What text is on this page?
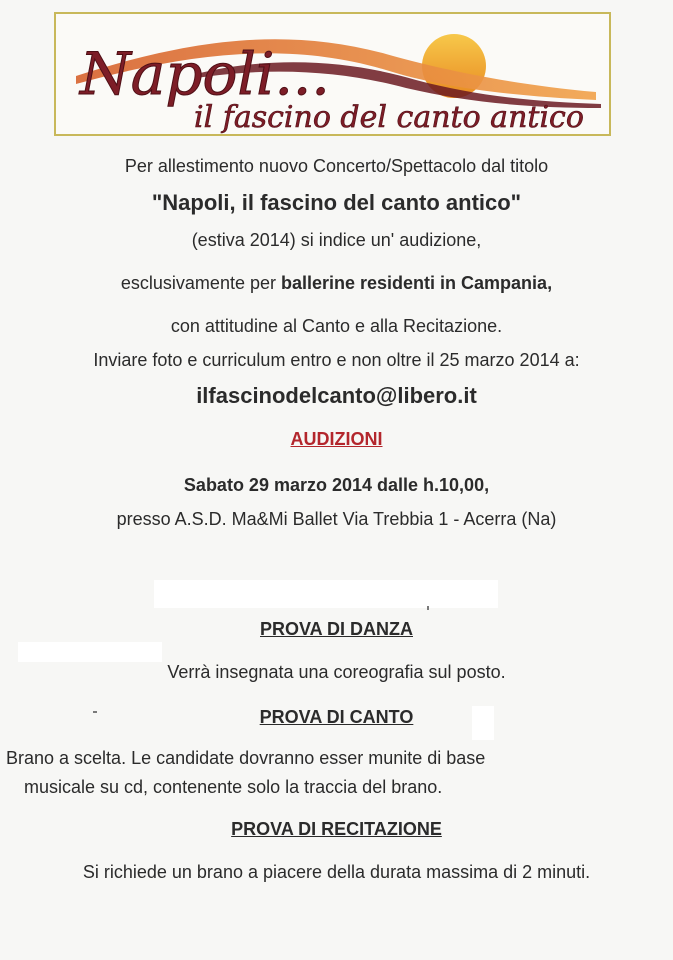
Napoli...
il fascino del canto antico
Per allestimento nuovo Concerto/Spettacolo dal titolo
"Napoli, il fascino del canto antico"
(estiva 2014) si indice un' audizione,
esclusivamente per ballerine residenti in Campania,
con attitudine al Canto e alla Recitazione.
Inviare foto e curriculum entro e non oltre il 25 marzo 2014 a:
ilfascinodelcanto@libero.it
AUDIZIONI
Sabato 29 marzo 2014 dalle h.10,00,
presso A.S.D. Ma&Mi Ballet Via Trebbia 1 - Acerra (Na)
PROVA DI DANZA
Verrà insegnata una coreografia sul posto.
PROVA DI CANTO
Brano a scelta. Le candidate dovranno esser munite di base
musicale su cd, contenente solo la traccia del brano.
PROVA DI RECITAZIONE
Si richiede un brano a piacere della durata massima di 2 minuti.
